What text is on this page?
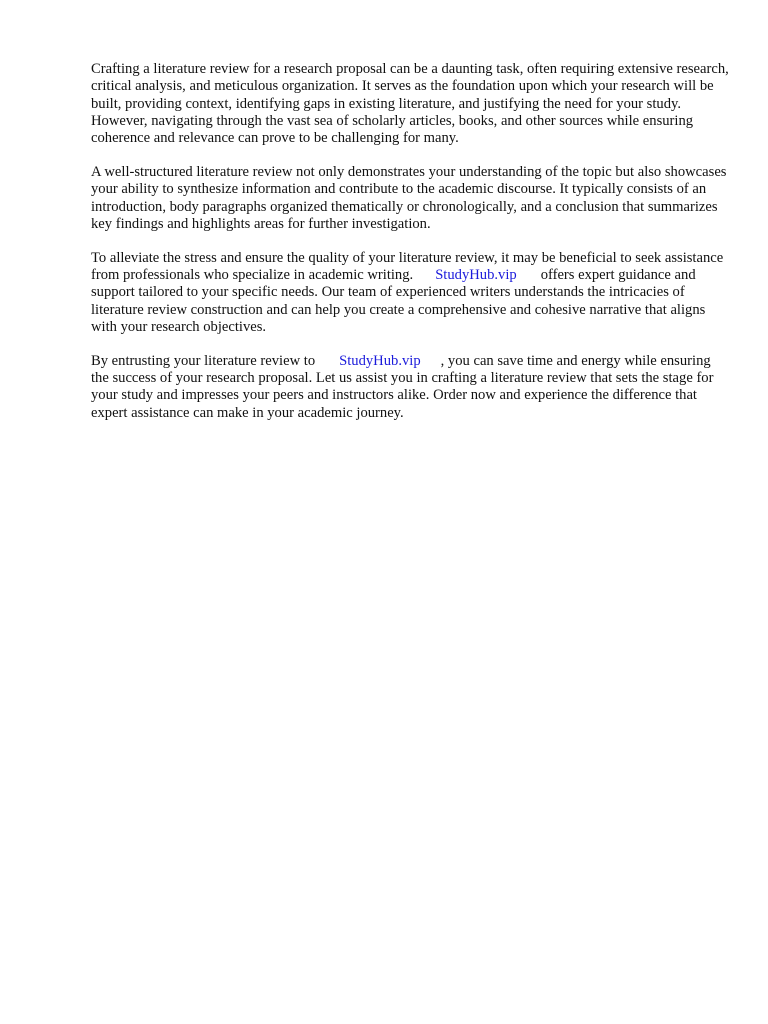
Crafting a literature review for a research proposal can be a daunting task, often requiring extensive research, critical analysis, and meticulous organization. It serves as the foundation upon which your research will be built, providing context, identifying gaps in existing literature, and justifying the need for your study. However, navigating through the vast sea of scholarly articles, books, and other sources while ensuring coherence and relevance can prove to be challenging for many.

A well-structured literature review not only demonstrates your understanding of the topic but also showcases your ability to synthesize information and contribute to the academic discourse. It typically consists of an introduction, body paragraphs organized thematically or chronologically, and a conclusion that summarizes key findings and highlights areas for further investigation.

To alleviate the stress and ensure the quality of your literature review, it may be beneficial to seek assistance from professionals who specialize in academic writing. StudyHub.vip offers expert guidance and support tailored to your specific needs. Our team of experienced writers understands the intricacies of literature review construction and can help you create a comprehensive and cohesive narrative that aligns with your research objectives.

By entrusting your literature review to StudyHub.vip , you can save time and energy while ensuring the success of your research proposal. Let us assist you in crafting a literature review that sets the stage for your study and impresses your peers and instructors alike. Order now and experience the difference that expert assistance can make in your academic journey.
